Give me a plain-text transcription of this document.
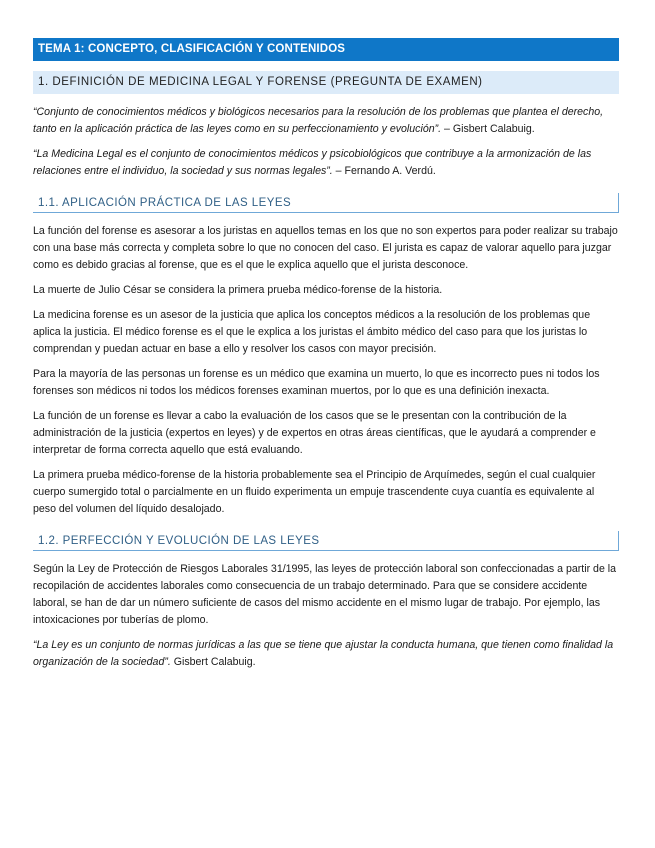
TEMA 1: CONCEPTO, CLASIFICACIÓN Y CONTENIDOS
1. DEFINICIÓN DE MEDICINA LEGAL Y FORENSE (PREGUNTA DE EXAMEN)

“Conjunto de conocimientos médicos y biológicos necesarios para la resolución de los problemas que plantea el derecho, tanto en la aplicación práctica de las leyes como en su perfeccionamiento y evolución”. – Gisbert Calabuig.

“La Medicina Legal es el conjunto de conocimientos médicos y psicobiológicos que contribuye a la armonización de las relaciones entre el individuo, la sociedad y sus normas legales”. – Fernando A. Verdú.

1.1. APLICACIÓN PRÁCTICA DE LAS LEYES

La función del forense es asesorar a los juristas en aquellos temas en los que no son expertos para poder realizar su trabajo con una base más correcta y completa sobre lo que no conocen del caso. El jurista es capaz de valorar aquello para juzgar como es debido gracias al forense, que es el que le explica aquello que el jurista desconoce.

La muerte de Julio César se considera la primera prueba médico-forense de la historia.

La medicina forense es un asesor de la justicia que aplica los conceptos médicos a la resolución de los problemas que aplica la justicia. El médico forense es el que le explica a los juristas el ámbito médico del caso para que los juristas lo comprendan y puedan actuar en base a ello y resolver los casos con mayor precisión.

Para la mayoría de las personas un forense es un médico que examina un muerto, lo que es incorrecto pues ni todos los forenses son médicos ni todos los médicos forenses examinan muertos, por lo que es una definición inexacta.

La función de un forense es llevar a cabo la evaluación de los casos que se le presentan con la contribución de la administración de la justicia (expertos en leyes) y de expertos en otras áreas científicas, que le ayudará a comprender e interpretar de forma correcta aquello que está evaluando.

La primera prueba médico-forense de la historia probablemente sea el Principio de Arquímedes, según el cual cualquier cuerpo sumergido total o parcialmente en un fluido experimenta un empuje trascendente cuya cuantía es equivalente al peso del volumen del líquido desalojado.

1.2. PERFECCIÓN Y EVOLUCIÓN DE LAS LEYES

Según la Ley de Protección de Riesgos Laborales 31/1995, las leyes de protección laboral son confeccionadas a partir de la recopilación de accidentes laborales como consecuencia de un trabajo determinado. Para que se considere accidente laboral, se han de dar un número suficiente de casos del mismo accidente en el mismo lugar de trabajo. Por ejemplo, las intoxicaciones por tuberías de plomo.

“La Ley es un conjunto de normas jurídicas a las que se tiene que ajustar la conducta humana, que tienen como finalidad la organización de la sociedad”. Gisbert Calabuig.
